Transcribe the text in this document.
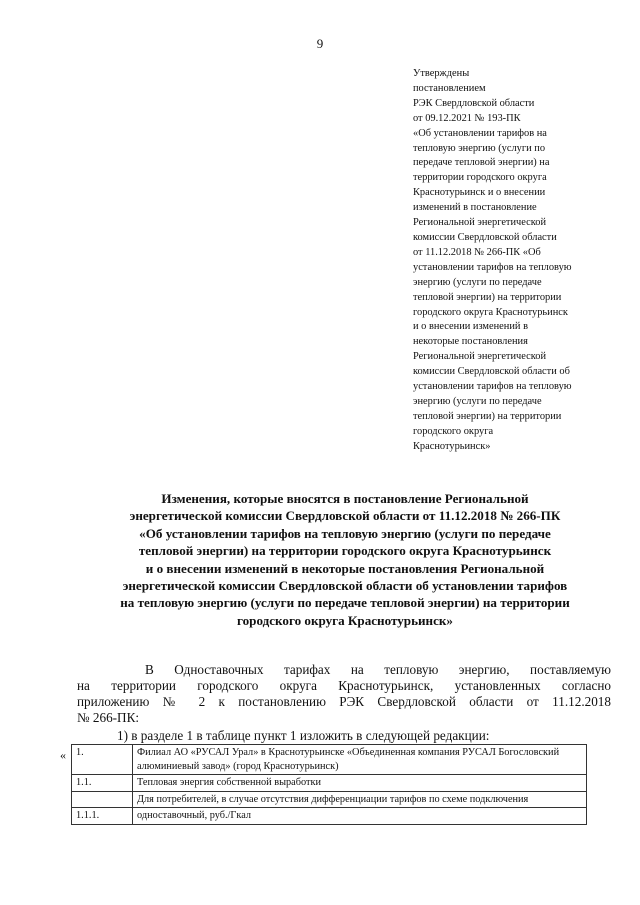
9
Утверждены
постановлением
РЭК Свердловской области
от 09.12.2021 № 193-ПК
«Об установлении тарифов на
тепловую энергию (услуги по
передаче тепловой энергии) на
территории городского округа
Краснотурьинск и о внесении
изменений в постановление
Региональной энергетической
комиссии Свердловской области
от 11.12.2018 № 266-ПК «Об
установлении тарифов на тепловую
энергию (услуги по передаче
тепловой энергии) на территории
городского округа Краснотурьинск
и о внесении изменений в
некоторые постановления
Региональной энергетической
комиссии Свердловской области об
установлении тарифов на тепловую
энергию (услуги по передаче
тепловой энергии) на территории
городского округа
Краснотурьинск»
Изменения, которые вносятся в постановление Региональной
энергетической комиссии Свердловской области от 11.12.2018 № 266-ПК
«Об установлении тарифов на тепловую энергию (услуги по передаче
тепловой энергии) на территории городского округа Краснотурьинск
и о внесении изменений в некоторые постановления Региональной
энергетической комиссии Свердловской области об установлении тарифов
на тепловую энергию (услуги по передаче тепловой энергии) на территории
городского округа Краснотурьинск»
В Одноставочных тарифах на тепловую энергию, поставляемую
на территории городского округа Краснотурьинск, установленных согласно
приложению № 2 к постановлению РЭК Свердловской области от 11.12.2018
№ 266-ПК:
1) в разделе 1 в таблице пункт 1 изложить в следующей редакции:
« 1.	Филиал АО «РУСАЛ Урал» в Краснотурьинске «Объединенная компания РУСАЛ Богословский алюминиевый завод» (город Краснотурьинск)
1.1.	Тепловая энергия собственной выработки
	Для потребителей, в случае отсутствия дифференциации тарифов по схеме подключения
1.1.1.	одноставочный, руб./Гкал
